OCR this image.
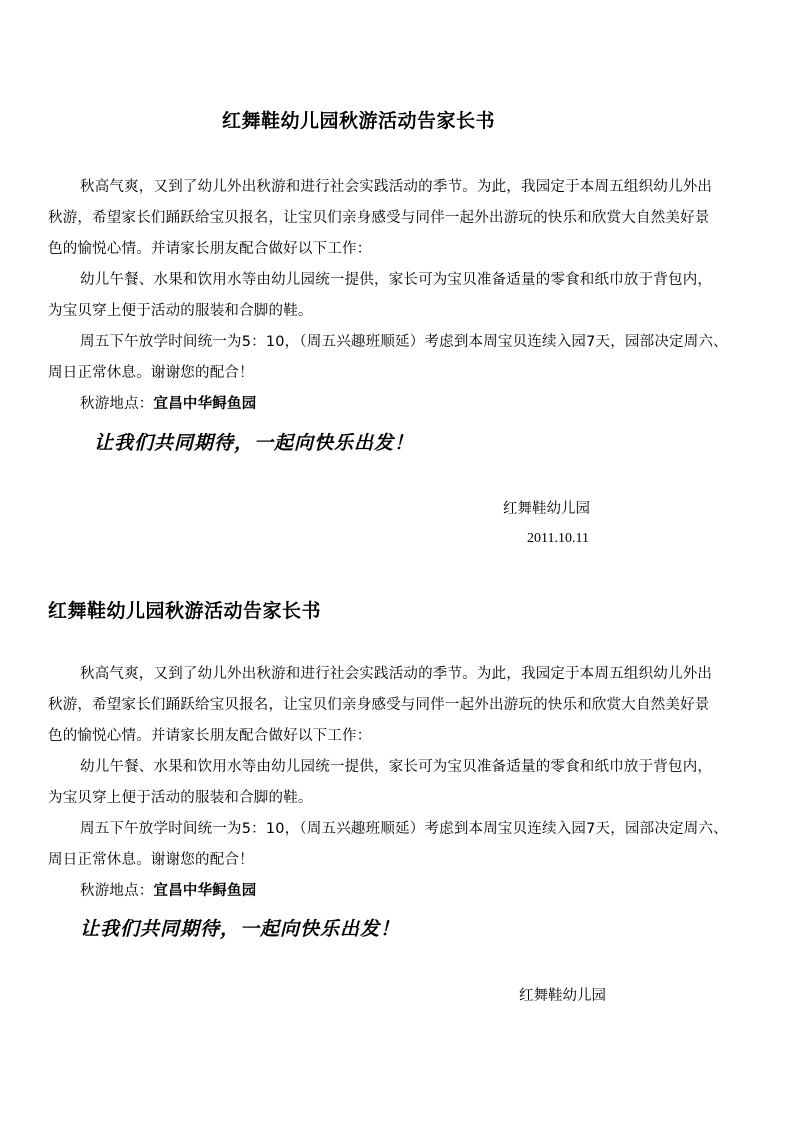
红舞鞋幼儿园秋游活动告家长书
秋高气爽，又到了幼儿外出秋游和进行社会实践活动的季节。为此，我园定于本周五组织幼儿外出
秋游，希望家长们踊跃给宝贝报名，让宝贝们亲身感受与同伴一起外出游玩的快乐和欣赏大自然美好景
色的愉悦心情。并请家长朋友配合做好以下工作：
幼儿午餐、水果和饮用水等由幼儿园统一提供，家长可为宝贝准备适量的零食和纸巾放于背包内，
为宝贝穿上便于活动的服装和合脚的鞋。
周五下午放学时间统一为5：10，（周五兴趣班顺延）考虑到本周宝贝连续入园7天，园部决定周六、
周日正常休息。谢谢您的配合！
秋游地点：宜昌中华鲟鱼园
让我们共同期待，一起向快乐出发！
红舞鞋幼儿园
2011.10.11
红舞鞋幼儿园秋游活动告家长书
秋高气爽，又到了幼儿外出秋游和进行社会实践活动的季节。为此，我园定于本周五组织幼儿外出
秋游，希望家长们踊跃给宝贝报名，让宝贝们亲身感受与同伴一起外出游玩的快乐和欣赏大自然美好景
色的愉悦心情。并请家长朋友配合做好以下工作：
幼儿午餐、水果和饮用水等由幼儿园统一提供，家长可为宝贝准备适量的零食和纸巾放于背包内，
为宝贝穿上便于活动的服装和合脚的鞋。
周五下午放学时间统一为5：10，（周五兴趣班顺延）考虑到本周宝贝连续入园7天，园部决定周六、
周日正常休息。谢谢您的配合！
秋游地点：宜昌中华鲟鱼园
让我们共同期待，一起向快乐出发！
红舞鞋幼儿园
